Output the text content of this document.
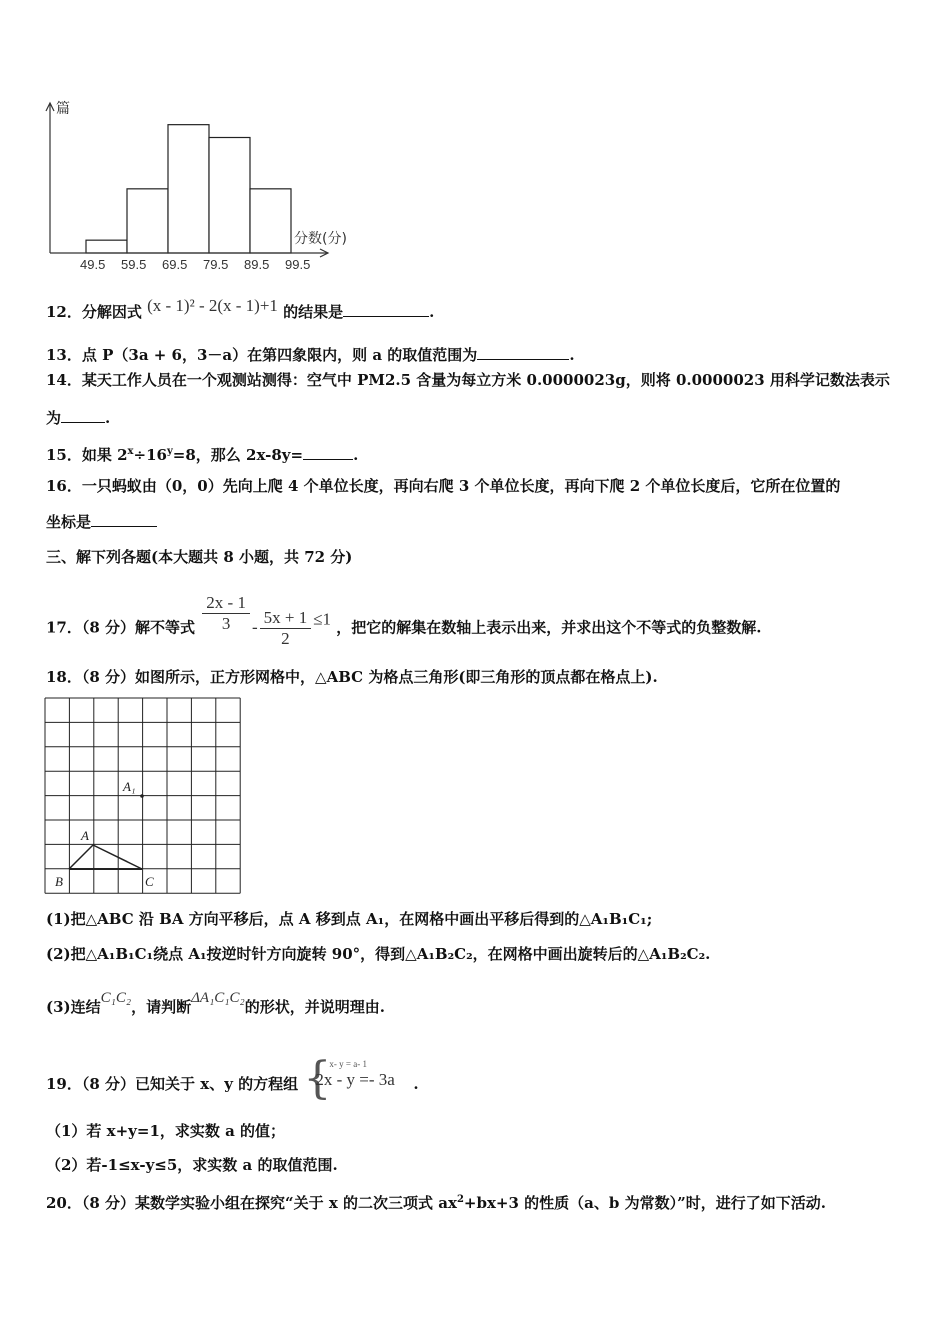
篇
分数(分)
49.5 59.5 69.5 79.5 89.5 99.5
12．分解因式 (x - 1)² - 2(x - 1)+1 的结果是	.
13．点 P（3a + 6，3－a）在第四象限内，则 a 的取值范围为	.
14．某天工作人员在一个观测站测得：空气中 PM2.5 含量为每立方米 0.0000023g，则将 0.0000023 用科学记数法表示
为	.
15．如果 $2^x\div 16^y=8$，那么 2x-8y=	.
16．一只蚂蚁由（0，0）先向上爬 4 个单位长度，再向右爬 3 个单位长度，再向下爬 2 个单位长度后，它所在位置的
坐标是
三、解下列各题(本大题共 8 小题，共 72 分)
17．（8 分）解不等式 $\frac{2x - 1}{3} - \frac{5x + 1}{2} \le 1$ ，把它的解集在数轴上表示出来，并求出这个不等式的负整数解.
18．（8 分）如图所示，正方形网格中，△ABC 为格点三角形(即三角形的顶点都在格点上).
A₁
A
B	C
(1)把△ABC 沿 BA 方向平移后，点 A 移到点 A₁，在网格中画出平移后得到的△A₁B₁C₁;
(2)把△A₁B₁C₁绕点 A₁按逆时针方向旋转 90°，得到△A₁B₂C₂，在网格中画出旋转后的△A₁B₂C₂.
(3)连结C₁C₂，请判断ΔA₁C₁C₂的形状，并说明理由.
19．（8 分）已知关于 x、y 的方程组 {
x- y = a- 1
2x - y =- 3a .
（1）若 x+y=1，求实数 a 的值；
（2）若-1≤x-y≤5，求实数 a 的取值范围.
20．（8 分）某数学实验小组在探究“关于 x 的二次三项式 $ax^2+bx+3$ 的性质（a、b 为常数）”时，进行了如下活动.
